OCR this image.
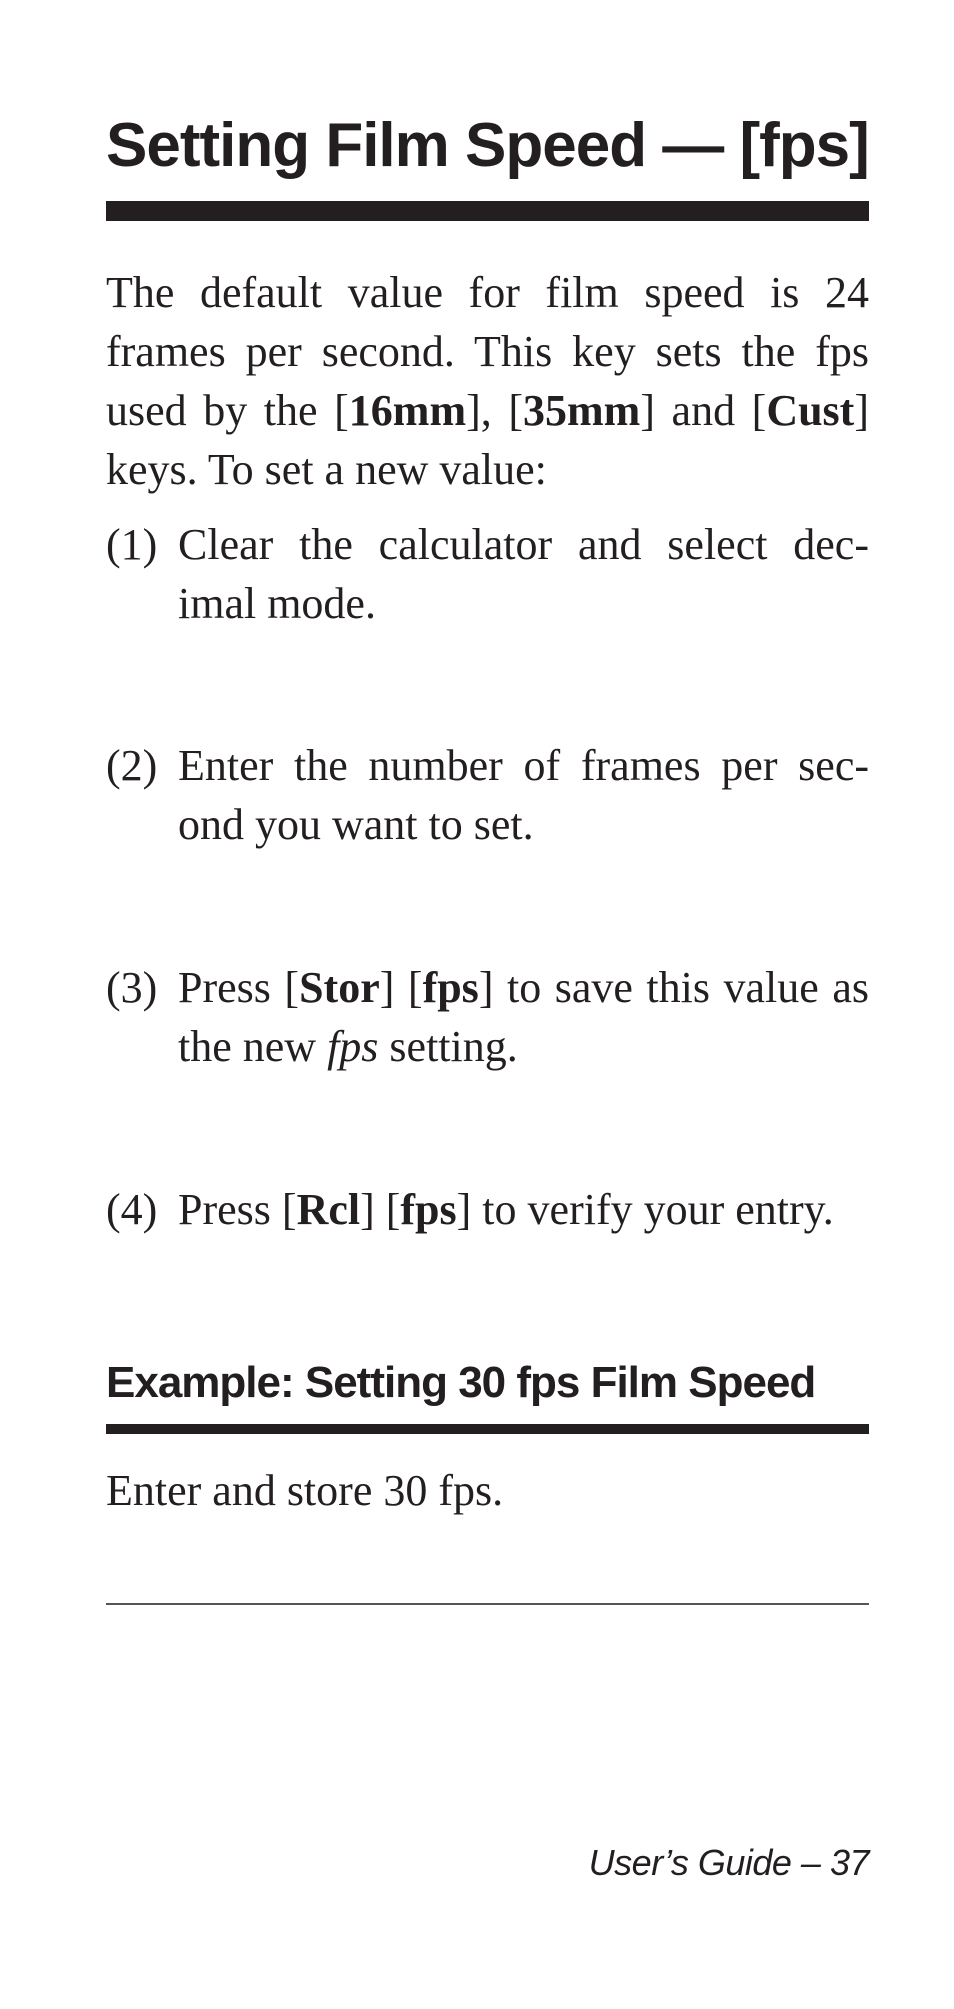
Setting Film Speed — [fps]

The default value for film speed is 24 frames per second. This key sets the fps used by the [16mm], [35mm] and [Cust] keys. To set a new value:

(1) Clear the calculator and select dec-imal mode.
(2) Enter the number of frames per sec-ond you want to set.
(3) Press [Stor] [fps] to save this value as the new fps setting.
(4) Press [Rcl] [fps] to verify your entry.
Example: Setting 30 fps Film Speed

Enter and store 30 fps.

User’s Guide – 37
